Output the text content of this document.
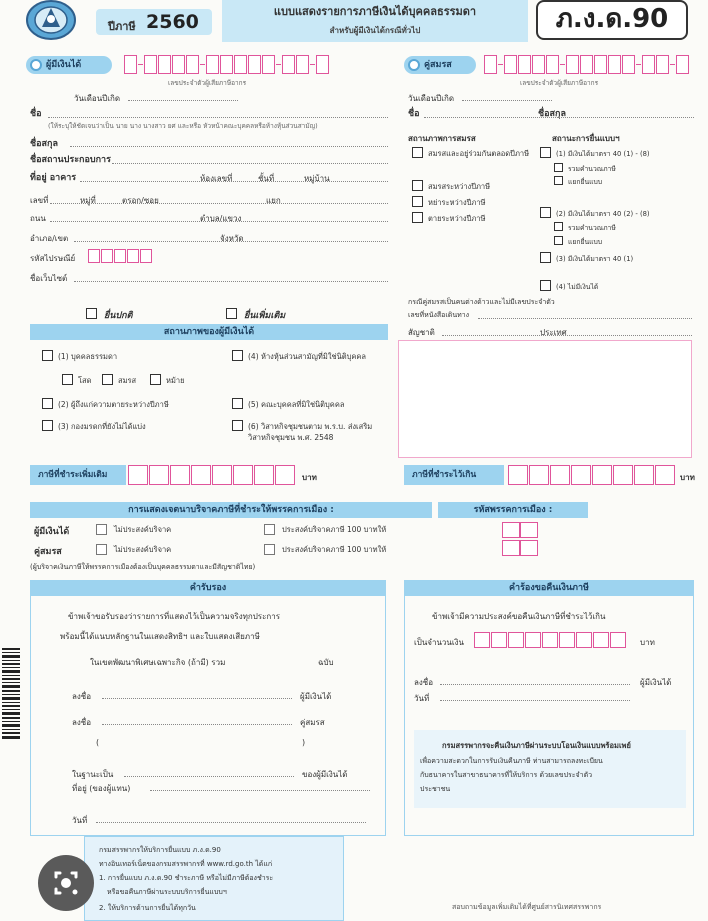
ปีภาษี 2560	แบบแสดงรายการภาษีเงินได้บุคคลธรรมดา
สำหรับผู้มีเงินได้กรณีทั่วไป	ภ.ง.ด.90
ผู้มีเงินได้
เลขประจำตัวผู้เสียภาษีอากร
คู่สมรส
เลขประจำตัวผู้เสียภาษีอากร
วันเดือนปีเกิด
ชื่อ
(ให้ระบุให้ชัดเจนว่าเป็น นาย นาง นางสาว ยศ และหรือ หัวหน้าคณะบุคคลหรือห้างหุ้นส่วนสามัญ)
ชื่อสกุล
ชื่อสถานประกอบการ
ที่อยู่ อาคาร	ห้องเลขที่	ชั้นที่	หมู่บ้าน
เลขที่	หมู่ที่	ตรอก/ซอย	แยก
ถนน	ตำบล/แขวง
อำเภอ/เขต	จังหวัด
รหัสไปรษณีย์
ชื่อเว็บไซต์
ยื่นปกติ	ยื่นเพิ่มเติม
วันเดือนปีเกิด
ชื่อ	ชื่อสกุล
สถานภาพการสมรส	สถานะการยื่นแบบฯ
สมรสและอยู่ร่วมกันตลอดปีภาษี
สมรสระหว่างปีภาษี
หย่าระหว่างปีภาษี
ตายระหว่างปีภาษี
(1) มีเงินได้มาตรา 40 (1) - (8)
รวมคำนวณภาษี
แยกยื่นแบบ
(2) มีเงินได้มาตรา 40 (2) - (8)
รวมคำนวณภาษี
แยกยื่นแบบ
(3) มีเงินได้มาตรา 40 (1)
(4) ไม่มีเงินได้
กรณีคู่สมรสเป็นคนต่างด้าวและไม่มีเลขประจำตัว
เลขที่หนังสือเดินทาง
สัญชาติ	ประเทศ
สถานภาพของผู้มีเงินได้
(1) บุคคลธรรมดา
โสด	สมรส	หม้าย
(2) ผู้ถึงแก่ความตายระหว่างปีภาษี
(3) กองมรดกที่ยังไม่ได้แบ่ง
(4) ห้างหุ้นส่วนสามัญที่มิใช่นิติบุคคล
(5) คณะบุคคลที่มิใช่นิติบุคคล
(6) วิสาหกิจชุมชนตาม พ.ร.บ. ส่งเสริมวิสาหกิจชุมชน พ.ศ. 2548
ภาษีที่ชำระเพิ่มเติม	บาท	ภาษีที่ชำระไว้เกิน	บาท
การแสดงเจตนาบริจาคภาษีที่ชำระให้พรรคการเมือง :	รหัสพรรคการเมือง :
ผู้มีเงินได้	ไม่ประสงค์บริจาค	ประสงค์บริจาคภาษี 100 บาทให้
คู่สมรส	ไม่ประสงค์บริจาค	ประสงค์บริจาคภาษี 100 บาทให้
(ผู้บริจาคเงินภาษีให้พรรคการเมืองต้องเป็นบุคคลธรรมดาและมีสัญชาติไทย)
คำรับรอง
ข้าพเจ้าขอรับรองว่ารายการที่แสดงไว้เป็นความจริงทุกประการ
พร้อมนี้ได้แนบหลักฐานในแสดงสิทธิฯ และใบแสดงเสียภาษี
ในเขตพัฒนาพิเศษเฉพาะกิจ (ถ้ามี) รวม	ฉบับ
ลงชื่อ	ผู้มีเงินได้
ลงชื่อ	คู่สมรส
(	)
ในฐานะเป็น	ของผู้มีเงินได้
ที่อยู่ (ของผู้แทน)
วันที่
คำร้องขอคืนเงินภาษี
ข้าพเจ้ามีความประสงค์ขอคืนเงินภาษีที่ชำระไว้เกิน
เป็นจำนวนเงิน	บาท
ลงชื่อ	ผู้มีเงินได้
วันที่
กรมสรรพากรจะคืนเงินภาษีผ่านระบบโอนเงินแบบพร้อมเพย์
เพื่อความสะดวกในการรับเงินคืนภาษี ท่านสามารถลงทะเบียน
กับธนาคารในสาขาธนาคารที่ให้บริการ ด้วยเลขประจำตัว
ประชาชน
กรมสรรพากรให้บริการยื่นแบบ ภ.ง.ด.90
ทางอินเทอร์เน็ตของกรมสรรพากรที่ www.rd.go.th ได้แก่
1. การยื่นแบบ ภ.ง.ด.90 ชำระภาษี หรือไม่มีภาษีต้องชำระ
หรือขอคืนภาษีผ่านระบบบริการยื่นแบบฯ
2. ให้บริการด้านการยื่นได้ทุกวัน	สอบถามข้อมูลเพิ่มเติมได้ที่ศูนย์สารนิเทศสรรพากร
